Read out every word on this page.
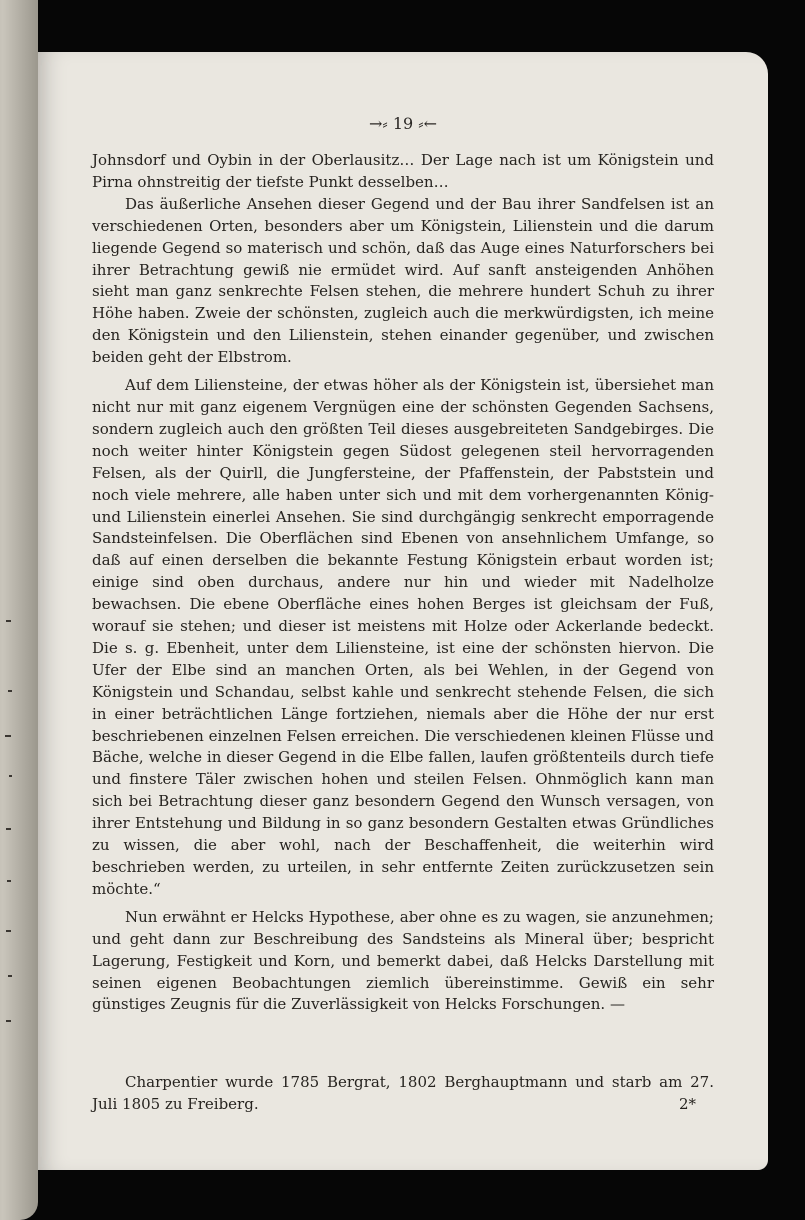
→⸗ 19 ⸗←

Johnsdorf und Oybin in der Oberlausitz… Der Lage nach ist um Königstein und Pirna ohnstreitig der tiefste Punkt desselben…

Das äußerliche Ansehen dieser Gegend und der Bau ihrer Sandfelsen ist an verschiedenen Orten, besonders aber um Königstein, Lilienstein und die darum liegende Gegend so materisch und schön, daß das Auge eines Naturforschers bei ihrer Betrachtung gewiß nie ermüdet wird. Auf sanft ansteigenden Anhöhen sieht man ganz senkrechte Felsen stehen, die mehrere hundert Schuh zu ihrer Höhe haben. Zweie der schönsten, zugleich auch die merkwürdigsten, ich meine den Königstein und den Lilienstein, stehen einander gegenüber, und zwischen beiden geht der Elbstrom.

Auf dem Liliensteine, der etwas höher als der Königstein ist, übersiehet man nicht nur mit ganz eigenem Vergnügen eine der schönsten Gegenden Sachsens, sondern zugleich auch den größten Teil dieses ausgebreiteten Sandgebirges. Die noch weiter hinter Königstein gegen Südost gelegenen steil hervorragenden Felsen, als der Quirll, die Jungfersteine, der Pfaffenstein, der Pabststein und noch viele mehrere, alle haben unter sich und mit dem vorhergenannten König- und Lilienstein einerlei Ansehen. Sie sind durchgängig senkrecht emporragende Sandsteinfelsen. Die Oberflächen sind Ebenen von ansehnlichem Umfange, so daß auf einen derselben die bekannte Festung Königstein erbaut worden ist; einige sind oben durchaus, andere nur hin und wieder mit Nadelholze bewachsen. Die ebene Oberfläche eines hohen Berges ist gleichsam der Fuß, worauf sie stehen; und dieser ist meistens mit Holze oder Ackerlande bedeckt. Die s. g. Ebenheit, unter dem Liliensteine, ist eine der schönsten hiervon. Die Ufer der Elbe sind an manchen Orten, als bei Wehlen, in der Gegend von Königstein und Schandau, selbst kahle und senkrecht stehende Felsen, die sich in einer beträchtlichen Länge fortziehen, niemals aber die Höhe der nur erst beschriebenen einzelnen Felsen erreichen. Die verschiedenen kleinen Flüsse und Bäche, welche in dieser Gegend in die Elbe fallen, laufen größtenteils durch tiefe und finstere Täler zwischen hohen und steilen Felsen. Ohnmöglich kann man sich bei Betrachtung dieser ganz besondern Gegend den Wunsch versagen, von ihrer Entstehung und Bildung in so ganz besondern Gestalten etwas Gründliches zu wissen, die aber wohl, nach der Beschaffenheit, die weiterhin wird beschrieben werden, zu urteilen, in sehr entfernte Zeiten zurückzusetzen sein möchte.“

Nun erwähnt er Helcks Hypothese, aber ohne es zu wagen, sie anzunehmen; und geht dann zur Beschreibung des Sandsteins als Mineral über; bespricht Lagerung, Festigkeit und Korn, und bemerkt dabei, daß Helcks Darstellung mit seinen eigenen Beobachtungen ziemlich übereinstimme. Gewiß ein sehr günstiges Zeugnis für die Zuverlässigkeit von Helcks Forschungen. —

Charpentier wurde 1785 Bergrat, 1802 Berghauptmann und starb am 27. Juli 1805 zu Freiberg.	2*
